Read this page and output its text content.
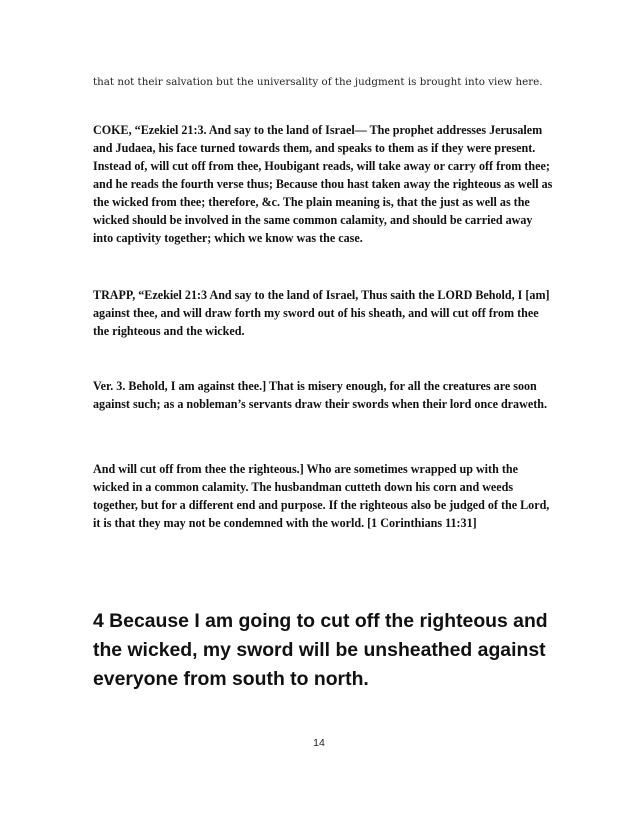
that not their salvation but the universality of the judgment is brought into view here.

COKE, “Ezekiel 21:3. And say to the land of Israel— The prophet addresses Jerusalem and Judaea, his face turned towards them, and speaks to them as if they were present. Instead of, will cut off from thee, Houbigant reads, will take away or carry off from thee; and he reads the fourth verse thus; Because thou hast taken away the righteous as well as the wicked from thee; therefore, &c. The plain meaning is, that the just as well as the wicked should be involved in the same common calamity, and should be carried away into captivity together; which we know was the case.

TRAPP, “Ezekiel 21:3 And say to the land of Israel, Thus saith the LORD Behold, I [am] against thee, and will draw forth my sword out of his sheath, and will cut off from thee the righteous and the wicked.

Ver. 3. Behold, I am against thee.] That is misery enough, for all the creatures are soon against such; as a nobleman’s servants draw their swords when their lord once draweth.

And will cut off from thee the righteous.] Who are sometimes wrapped up with the wicked in a common calamity. The husbandman cutteth down his corn and weeds together, but for a different end and purpose. If the righteous also be judged of the Lord, it is that they may not be condemned with the world. [1 Corinthians 11:31]

4 Because I am going to cut off the righteous and the wicked, my sword will be unsheathed against everyone from south to north.
14
